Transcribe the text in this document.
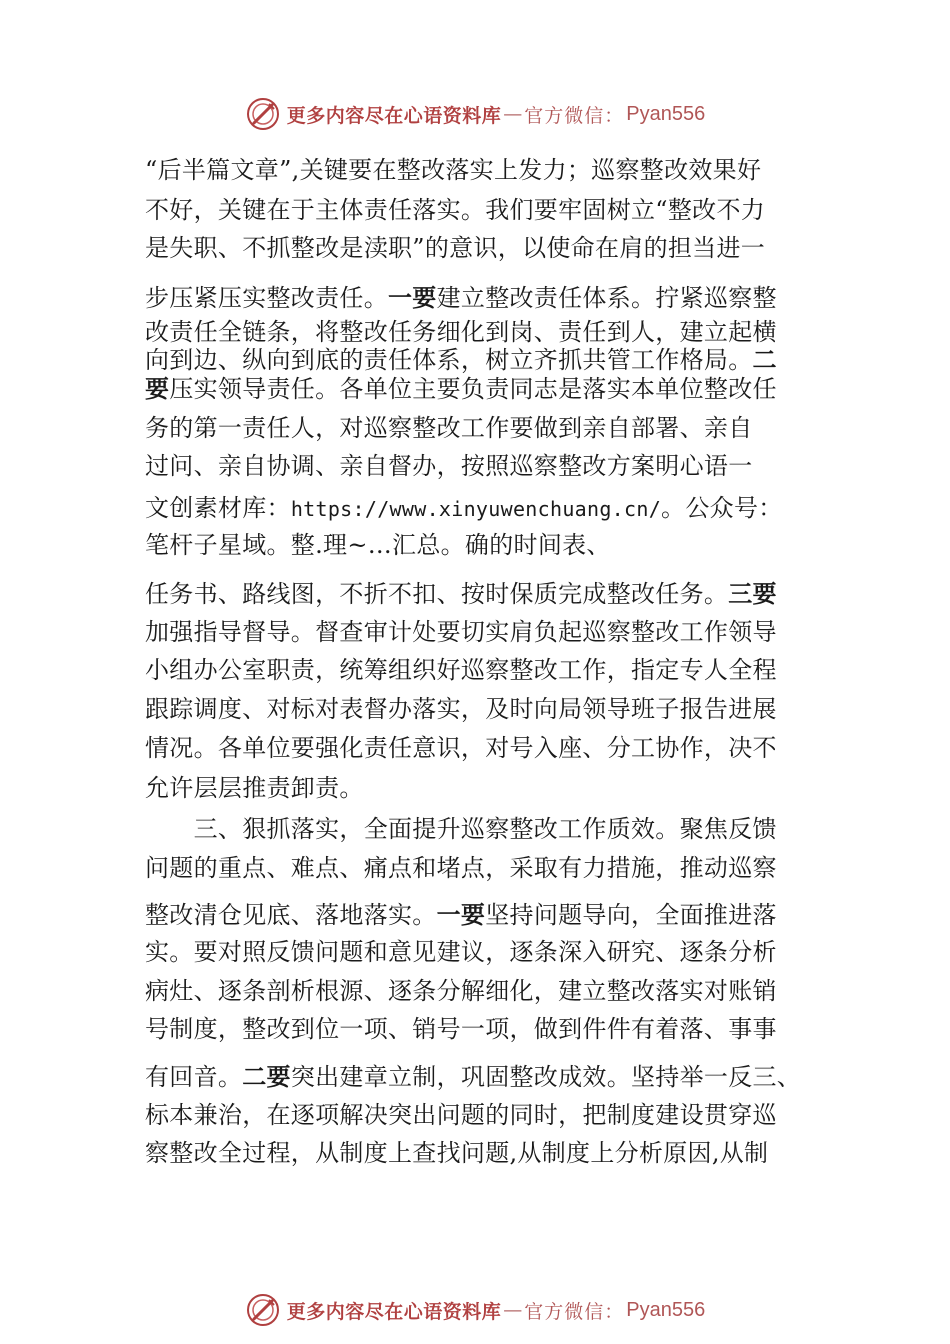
更多内容尽在心语资料库 — 官方微信： Pyan556
“后半篇文章”,关键要在整改落实上发力；巡察整改效果好
不好，关键在于主体责任落实。我们要牢固树立“整改不力
是失职、不抓整改是渎职”的意识，以使命在肩的担当进一
步压紧压实整改责任。一要建立整改责任体系。拧紧巡察整
改责任全链条，将整改任务细化到岗、责任到人，建立起横
向到边、纵向到底的责任体系，树立齐抓共管工作格局。二
要压实领导责任。各单位主要负责同志是落实本单位整改任
务的第一责任人，对巡察整改工作要做到亲自部署、亲自
过问、亲自协调、亲自督办，按照巡察整改方案明心语一
文创素材库：https://www.xinyuwenchuang.cn/。公众号：
笔杆子星域。整.理~…汇总。确的时间表、
任务书、路线图，不折不扣、按时保质完成整改任务。三要
加强指导督导。督查审计处要切实肩负起巡察整改工作领导
小组办公室职责，统筹组织好巡察整改工作，指定专人全程
跟踪调度、对标对表督办落实，及时向局领导班子报告进展
情况。各单位要强化责任意识，对号入座、分工协作，决不
允许层层推责卸责。
　　三、狠抓落实，全面提升巡察整改工作质效。聚焦反馈
问题的重点、难点、痛点和堵点，采取有力措施，推动巡察
整改清仓见底、落地落实。一要坚持问题导向，全面推进落
实。要对照反馈问题和意见建议，逐条深入研究、逐条分析
病灶、逐条剖析根源、逐条分解细化，建立整改落实对账销
号制度，整改到位一项、销号一项，做到件件有着落、事事
有回音。二要突出建章立制，巩固整改成效。坚持举一反三、
标本兼治，在逐项解决突出问题的同时，把制度建设贯穿巡
察整改全过程，从制度上查找问题,从制度上分析原因,从制
更多内容尽在心语资料库 — 官方微信： Pyan556
